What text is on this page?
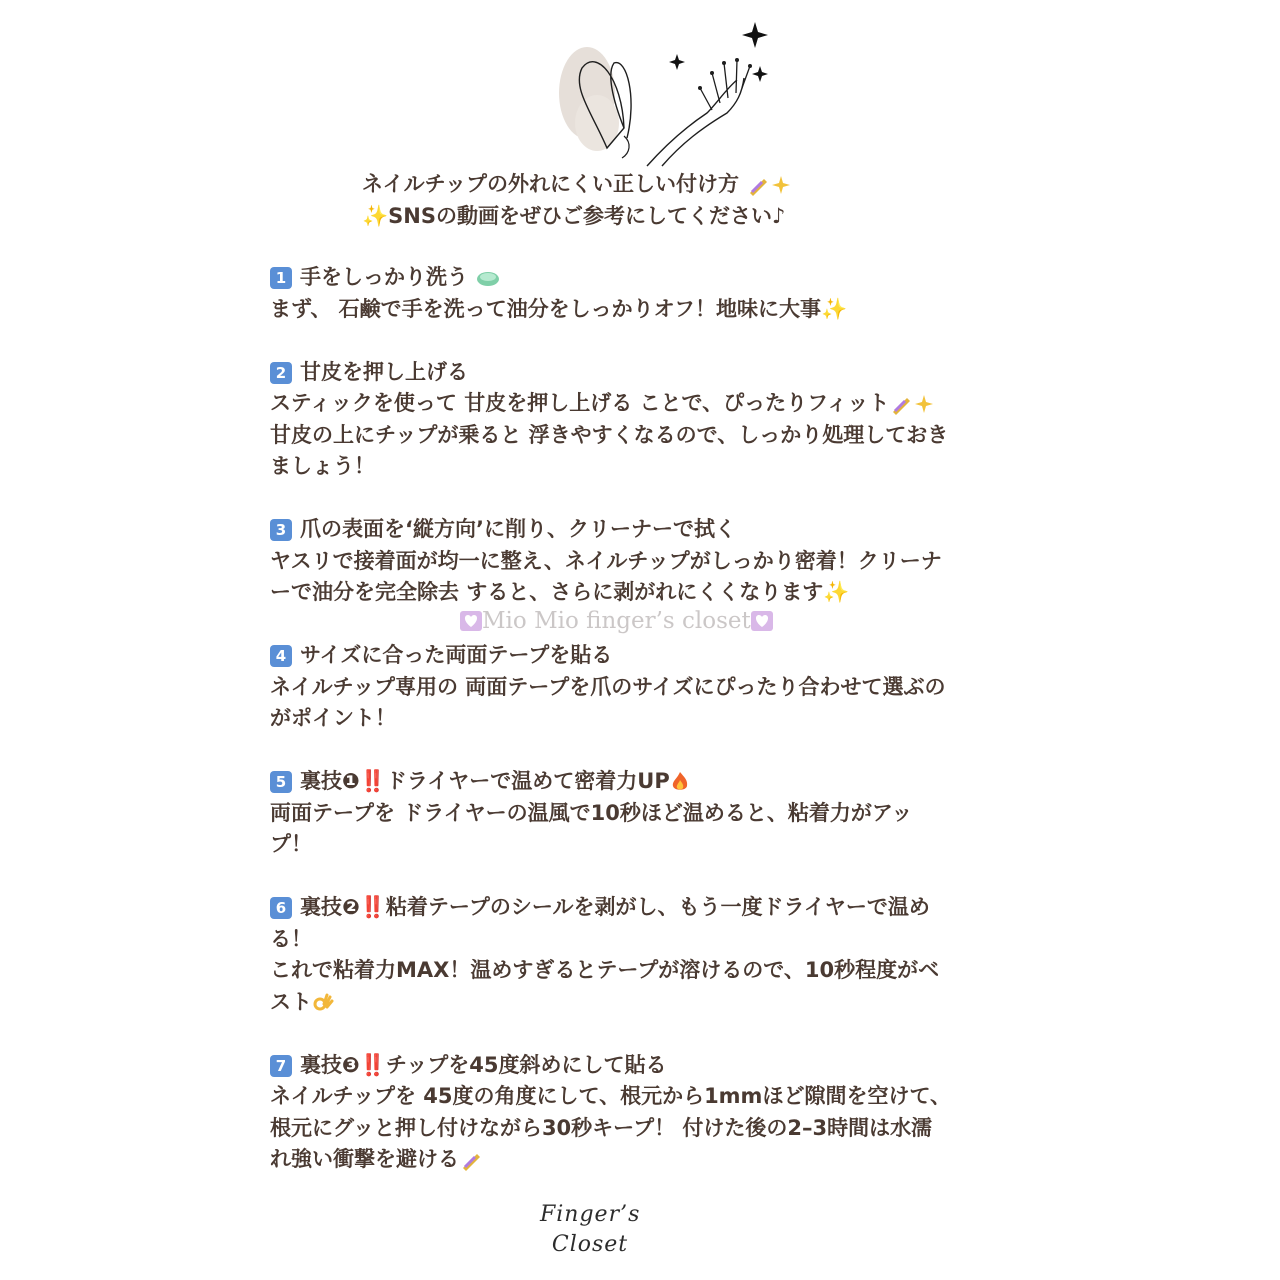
ネイルチップの外れにくい正しい付け方
✨SNSの動画をぜひご参考にしてください♪
1 手をしっかり洗う
まず、 石鹸で手を洗って油分をしっかりオフ！地味に大事✨
2 甘皮を押し上げる
スティックを使って 甘皮を押し上げる ことで、ぴったりフィット
甘皮の上にチップが乗ると 浮きやすくなるので、しっかり処理しておき
ましょう！
3 爪の表面を‘縦方向’に削り、クリーナーで拭く
ヤスリで接着面が均一に整え、ネイルチップがしっかり密着！クリーナ
ーで油分を完全除去 すると、さらに剥がれにくくなります✨
4 サイズに合った両面テープを貼る
ネイルチップ専用の 両面テープを爪のサイズにぴったり合わせて選ぶの
がポイント！
5 裏技❶‼️ドライヤーで温めて密着力UP
両面テープを ドライヤーの温風で10秒ほど温めると、粘着力がアッ
プ！
6 裏技❷‼️粘着テープのシールを剥がし、もう一度ドライヤーで温め
る！
これで粘着力MAX！温めすぎるとテープが溶けるので、10秒程度がベ
スト
7 裏技❸‼️チップを45度斜めにして貼る
ネイルチップを 45度の角度にして、根元から1mmほど隙間を空けて、
根元にグッと押し付けながら30秒キープ！ 付けた後の2–3時間は水濡
れ強い衝撃を避ける
Mio Mio finger’s closet
Finger’s
Closet
